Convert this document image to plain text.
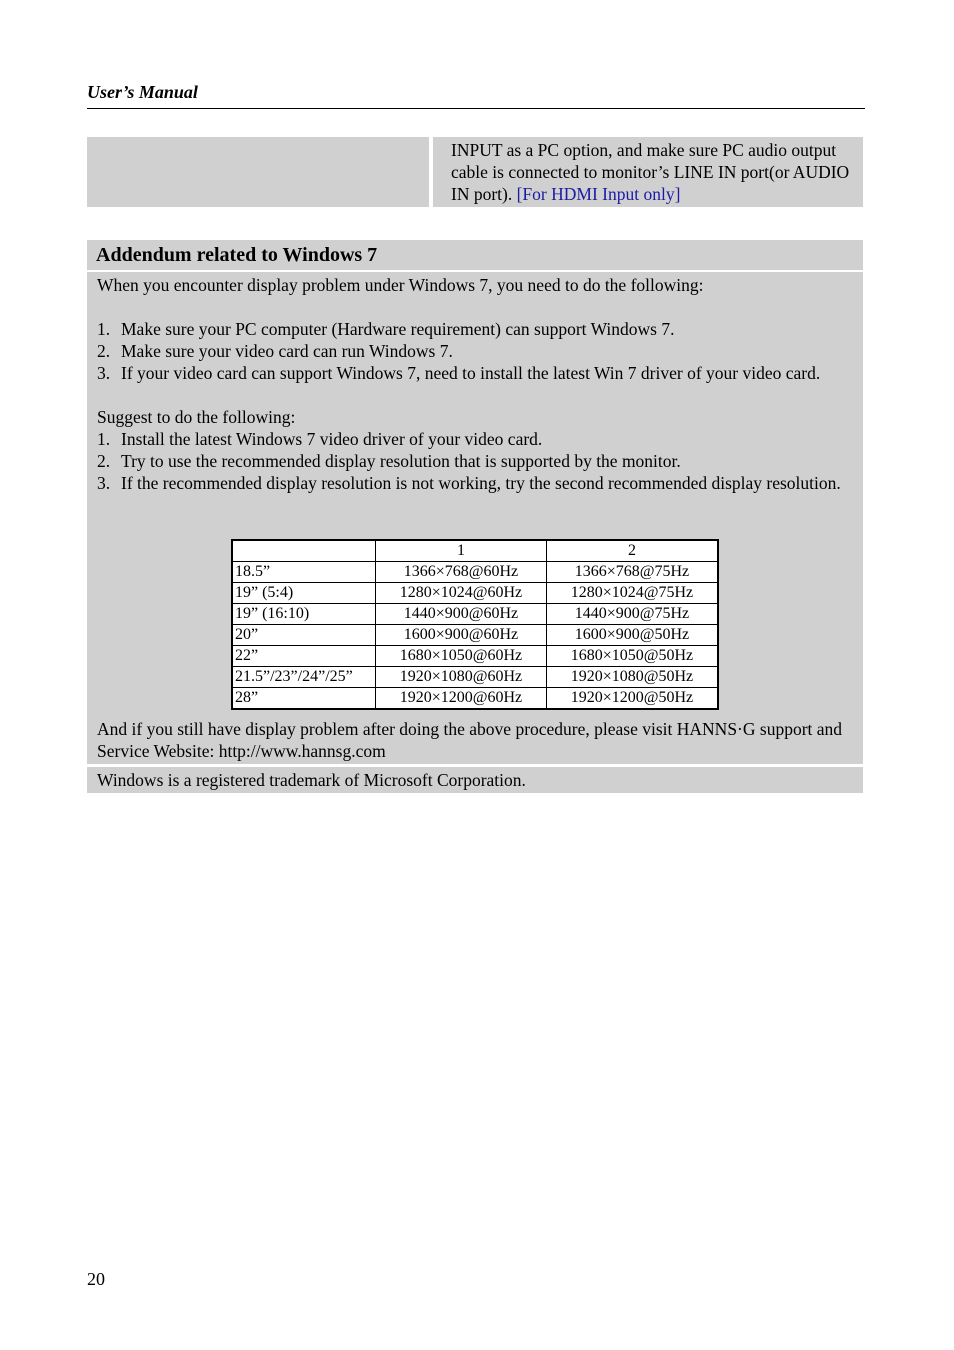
User’s Manual
INPUT as a PC option, and make sure PC audio output cable is connected to monitor’s LINE IN port(or AUDIO IN port). [For HDMI Input only]
Addendum related to Windows 7

When you encounter display problem under Windows 7, you need to do the following:

1. Make sure your PC computer (Hardware requirement) can support Windows 7.
2. Make sure your video card can run Windows 7.
3. If your video card can support Windows 7, need to install the latest Win 7 driver of your video card.

Suggest to do the following:

1. Install the latest Windows 7 video driver of your video card.
2. Try to use the recommended display resolution that is supported by the monitor.
3. If the recommended display resolution is not working, try the second recommended display resolution.
	1	2
18.5”	1366×768@60Hz	1366×768@75Hz
19” (5:4)	1280×1024@60Hz	1280×1024@75Hz
19” (16:10)	1440×900@60Hz	1440×900@75Hz
20”	1600×900@60Hz	1600×900@50Hz
22”	1680×1050@60Hz	1680×1050@50Hz
21.5”/23”/24”/25”	1920×1080@60Hz	1920×1080@50Hz
28”	1920×1200@60Hz	1920×1200@50Hz

And if you still have display problem after doing the above procedure, please visit HANNS·G support and Service Website: http://www.hannsg.com

Windows is a registered trademark of Microsoft Corporation.
20
